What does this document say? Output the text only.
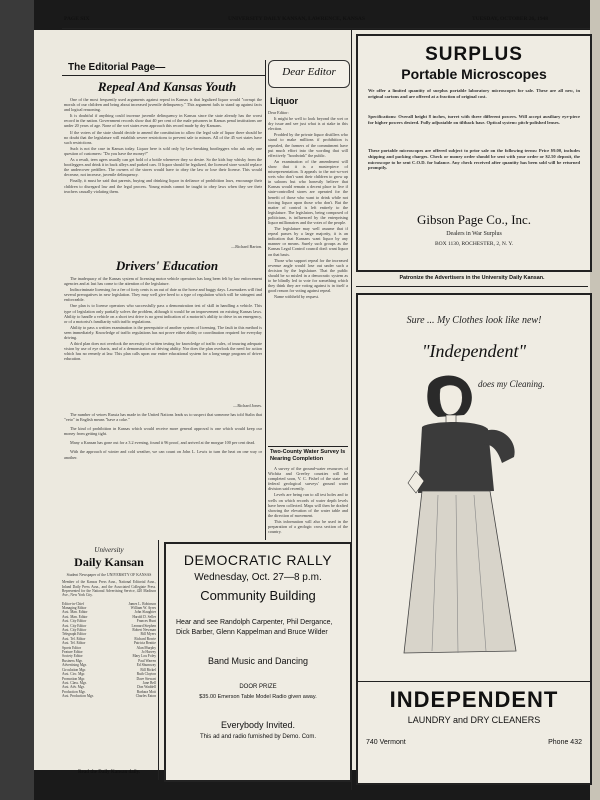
PAGE SIX	UNIVERSITY DAILY KANSAN, LAWRENCE, KANSAS	TUESDAY, OCTOBER 26, 1948
The Editorial Page—
Repeal And Kansas Youth

One of the most frequently used arguments against repeal in Kansas is that legalized liquor would "corrupt the morals of our children and bring about increased juvenile delinquency." This argument fails to stand up against facts and logical reasoning.

It is doubtful if anything could increase juvenile delinquency in Kansas since the state already has the worst record in the nation. Government records show that 40 per cent of the male prisoners in Kansas penal institutions are under 20 years of age. None of the wet states even approach this record made by dry Kansans.

If the voters of the state should decide to amend the constitution to allow the legal sale of liquor there should be no doubt that the legislature will establish severe restrictions to prevent sale to minors. All of the 45 wet states have such restrictions.

Such is not the case in Kansas today. Liquor here is sold only by law-breaking bootleggers who ask only one question of customers: "Do you have the money?"

As a result, teen agers usually can get hold of a bottle whenever they so desire. So the kids buy whisky from the bootleggers and drink it in back alleys and parked cars. If liquor should be legalized, the licensed store would replace the undercover peddlers. The owners of the stores would have to obey the law or lose their license. This would decrease, not increase, juvenile delinquency.

Finally, it must be said that parents, buying and drinking liquor in defiance of prohibition laws, encourage their children to disregard law and the legal process. Young minds cannot be taught to obey laws when they see their teachers casually violating them.

—Richard Barton.
Drivers' Education

The inadequacy of the Kansas system of licensing motor vehicle operators has long been felt by law enforcement agencies and at last has come to the attention of the legislature.

Indiscriminate licensing for a fee of forty cents is an out of date as the horse and buggy days. Lawmakers will find several prerogatives in new legislation. They may well give heed to a type of regulation which will be stringent and enforceable.

One plan is to license operators who successfully pass a demonstration test of skill in handling a vehicle. This type of legislation only partially solves the problem, although it would be an improvement on existing Kansas laws. Ability to handle a vehicle on a short test drive is no great indication of a motorist's ability to drive in an emergency, or of a motorist's familiarity with traffic regulations.

Ability to pass a written examination is the prerequisite of another system of licensing. The fault in this method is seen immediately. Knowledge of traffic regulations has not prove either ability or coordination required for everyday driving.

A third plan does not overlook the necessity of written testing for knowledge of traffic rules, of insuring adequate vision by use of eye charts, and of a demonstration of driving ability. Nor does the plan overlook the need for action which has no remedy at law. This plan calls upon our entire educational system for a long-range program of driver education.

—Richard Jones.

The number of vetoes Russia has made in the United Nations leads us to suspect that someone has told Stalin that "veto" in English means "have a coke."

The kind of prohibition in Kansas which would receive more general approval is one which would keep our money from getting tight.

Many a Kansan has gone out for a 3.2 evening, found it 96 proof, and arrived at the morgue 100 per cent dead.

With the approach of winter and cold weather, we can count on John L. Lewis to turn the heat on one way or another.

Dear Editor
Liquor

Dear Editor:

It might be well to look beyond the wet or dry issue and see just what is at stake in this election.

Prodded by the private liquor distillers who stand to make millions if prohibition is repealed, the farmers of the commitment have put much effort into the wording that will effectively "hoodwink" the public.

An examination of the amendment will show that it is a masterpiece of misrepresentation. It appeals to the not-so-wet wets who don't want their children to grow up in saloons but who honestly believe that Kansas would remain a decent place to live if state-controlled stores are operated for the benefit of those who want to drink while not forcing liquor upon those who don't. But the matter of control is left entirely to the legislature. The legislators, being composed of politicians, is influenced by the enterprising liquor millionaires and the votes of the people.

The legislature may well assume that if repeal passes by a large majority, it is an indication that Kansans want liquor by any manner or means. Surely such groups as the Kansas Legal Control council don't want liquor on that basis.

Those who support repeal for the increased revenue angle would lose out under such a decision by the legislature. That the public should be so misled in a democratic system as to be blindly led to vote for something which they think they are voting against is in itself a good reason for voting against repeal.

Name withheld by request.

Two-County Water Survey Is Nearing Completion

A survey of the ground-water resources of Wichita and Greeley counties will be completed soon, V. C. Fishel of the state and federal geological surveys' ground water division said recently.

Levels are being run to all test holes and to wells on which records of water depth levels have been collected. Maps will then be drafted showing the elevation of the water table and the direction of movement.

This information will also be used in the preparation of a geologic cross section of the country.

SURPLUS
Portable Microscopes
We offer a limited quantity of surplus portable laboratory microscopes for sale. These are all new, in original cartons and are offered at a fraction of original cost.
Specifications: Overall height 8 inches, turret with three different powers. Will accept auxiliary eye-piece for higher powers desired. Fully adjustable on tiltback base. Optical system: pitch-polished lenses.
These portable microscopes are offered subject to prior sale on the following terms: Price $9.00, includes shipping and packing charges. Check or money order should be sent with your order or $2.50 deposit, the microscope to be sent C.O.D. for balance. Any check received after quantity has been sold will be returned promptly.
Gibson Page Co., Inc.
Dealers in War Surplus
BOX 1130, ROCHESTER, 2, N. Y.
Patronize the Advertisers in the University Daily Kansan.
Sure ... My Clothes look like new!
"Independent"
does my Cleaning.
INDEPENDENT
LAUNDRY and DRY CLEANERS
740 Vermont	Phone 432
University
Daily Kansan
Student Newspaper of the UNIVERSITY OF KANSAS
Member of the Kansas Press Assn., National Editorial Assn., Inland Daily Press Assn., and the Associated Collegiate Press. Represented for the National Advertising Service, 420 Madison Ave., New York City.
Editor-in-Chief	James L. Robinson
Managing Editor	William W. Ayres
Asst. Man. Editor	John Slaughter
Asst. Man. Editor	Harold D. Seller
Asst. City Editor	Frances Hunt
Asst. City Editor	Leonard Stephen
Asst. City Editor	Robert Newman
Telegraph Editor	Bill Myers
Asst. Tel. Editor	Richard Bowie
Asst. Tel. Editor	Patricia Beattie
Sports Editor	Alan Murphy
Feature Editor	Jo Harvey
Society Editor	Mary Lou Foley
Business Mgr.	Paul Warren
Advertising Mgr.	Ed Shumway
Circulation Mgr.	Bill Bickel
Asst. Circ. Mgr.	Ruth Clayton
Promotion Mgr.	Dave Stewart
Asst. Class. Mgr.	Jane Bell
Asst. Adv. Mgr.	Don Waddell
Production Mgr.	Barbara Mott
Asst. Production Mgr.	Charles Eaton
Read the Daily Kansan daily.
DEMOCRATIC RALLY
Wednesday, Oct. 27—8 p.m.
Community Building
Hear and see Randolph Carpenter, Phil Dergance, Dick Barber, Glenn Kappelman and Bruce Wilder
Band Music and Dancing
DOOR PRIZE
$35.00 Emerson Table Model Radio given away.
Everybody Invited.
This ad and radio furnished by Demo. Com.
